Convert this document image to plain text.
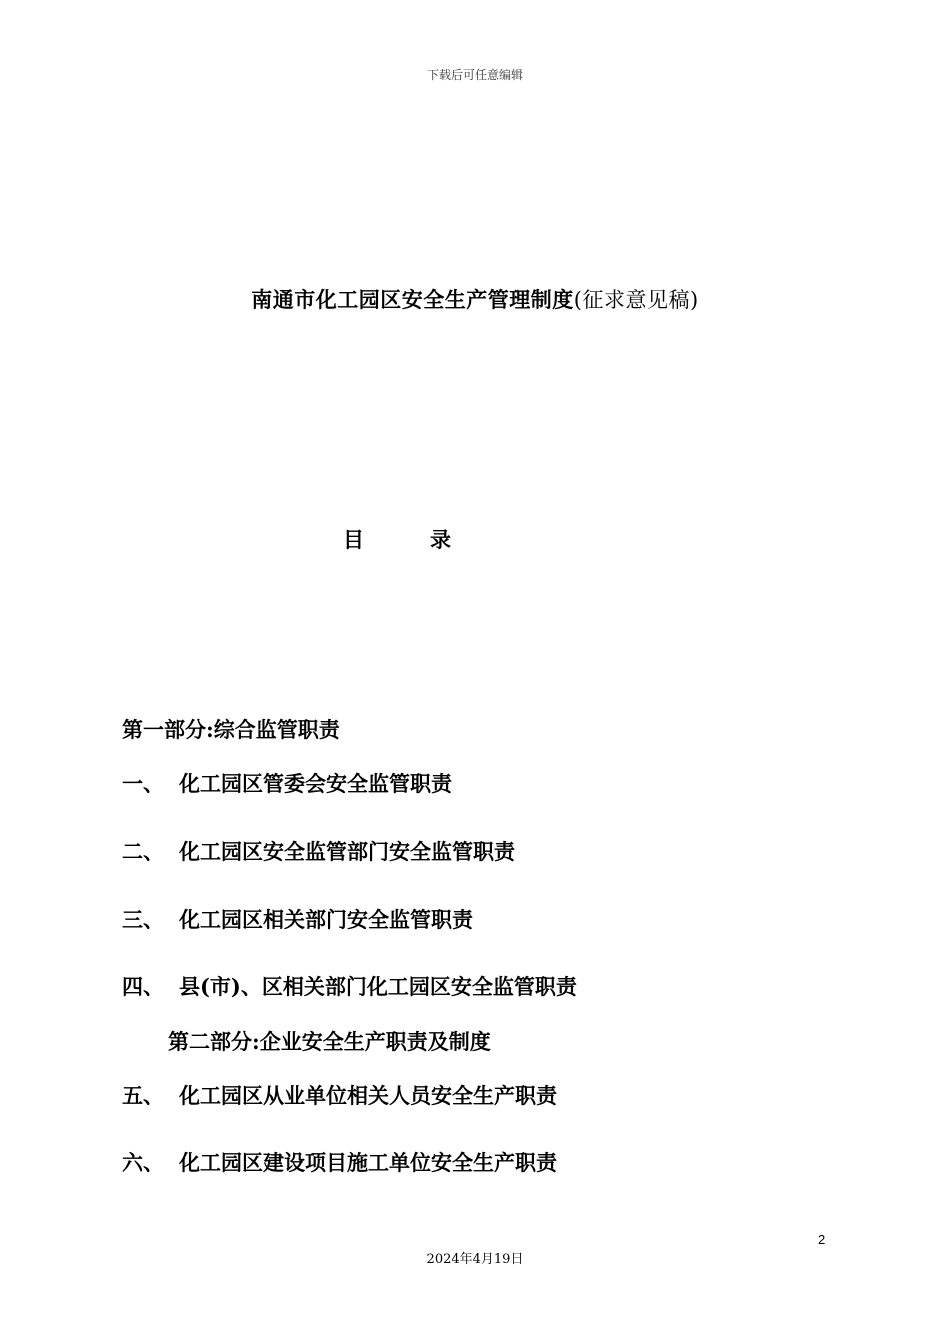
下载后可任意编辑
南通市化工园区安全生产管理制度(征求意见稿)
目	录
第一部分:综合监管职责
一、 化工园区管委会安全监管职责
二、 化工园区安全监管部门安全监管职责
三、 化工园区相关部门安全监管职责
四、 县(市)、区相关部门化工园区安全监管职责
第二部分:企业安全生产职责及制度
五、 化工园区从业单位相关人员安全生产职责
六、 化工园区建设项目施工单位安全生产职责
2
2024年4月19日
